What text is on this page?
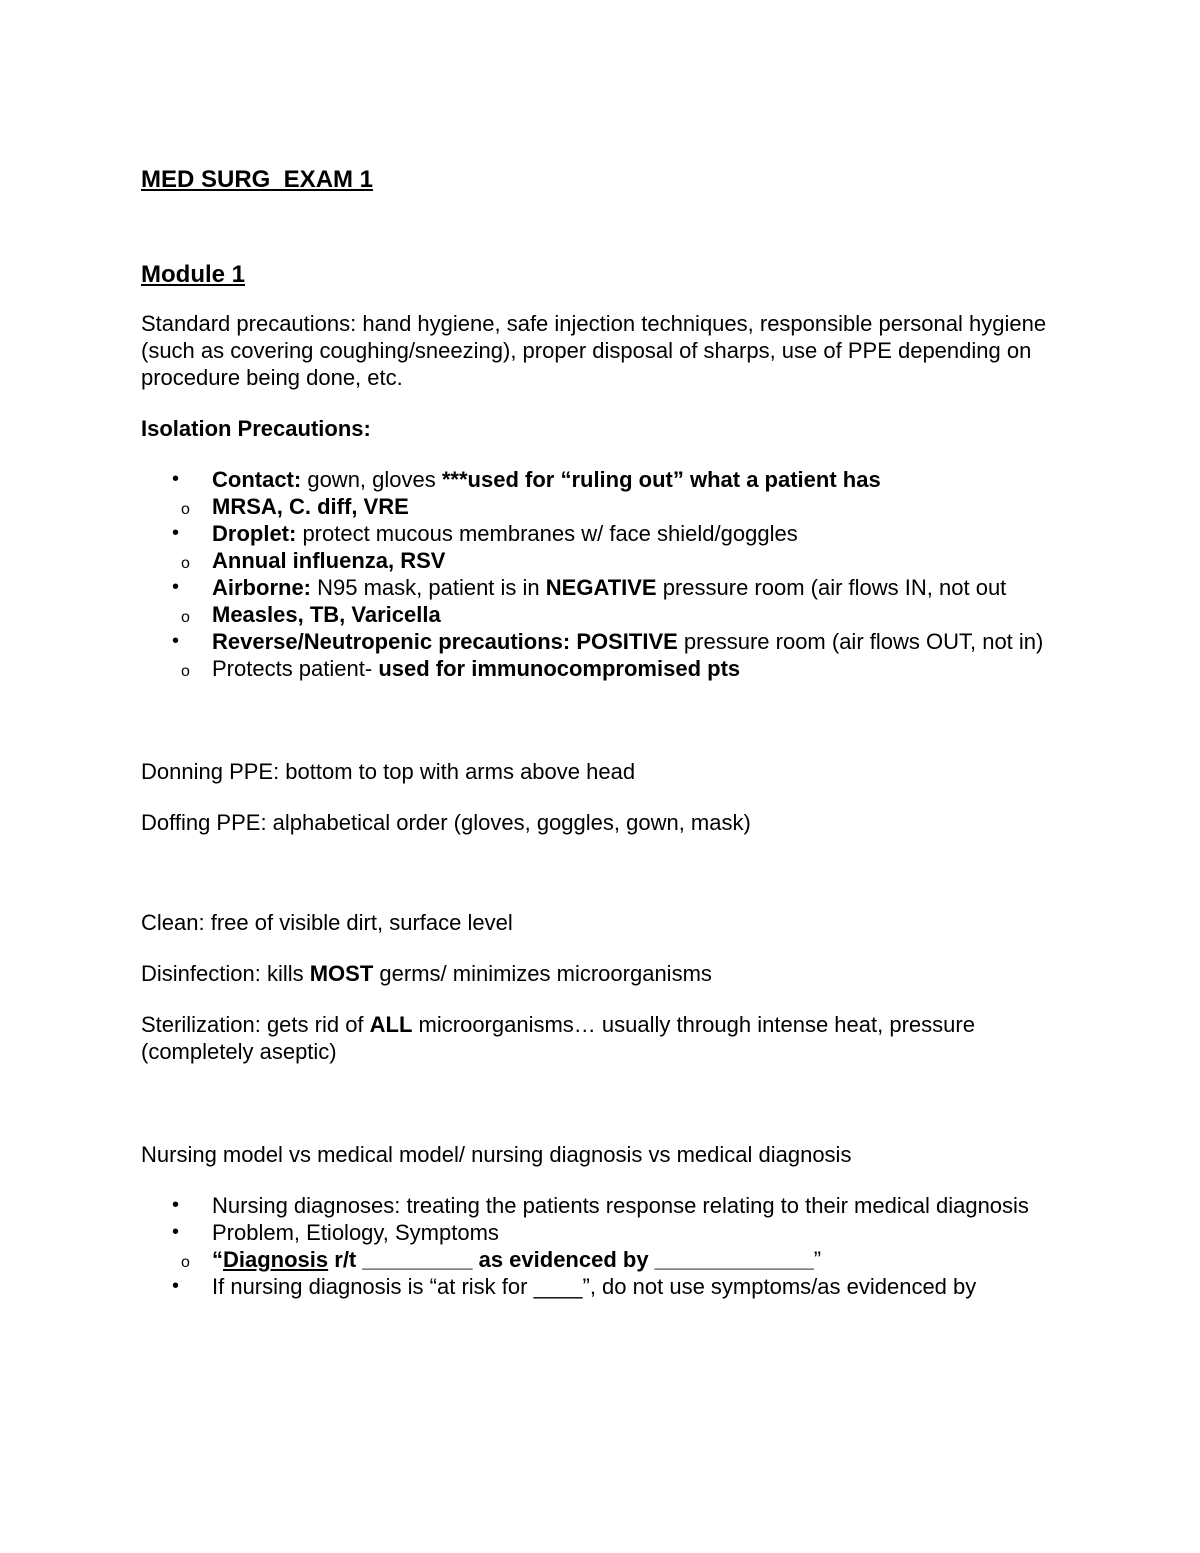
MED SURG  EXAM 1

Module 1

Standard precautions: hand hygiene, safe injection techniques, responsible personal hygiene (such as covering coughing/sneezing), proper disposal of sharps, use of PPE depending on procedure being done, etc.

Isolation Precautions:

• Contact: gown, gloves ***used for “ruling out” what a patient has
o MRSA, C. diff, VRE
• Droplet: protect mucous membranes w/ face shield/goggles
o Annual influenza, RSV
• Airborne: N95 mask, patient is in NEGATIVE pressure room (air flows IN, not out
o Measles, TB, Varicella
• Reverse/Neutropenic precautions: POSITIVE pressure room (air flows OUT, not in)
o Protects patient- used for immunocompromised pts

Donning PPE: bottom to top with arms above head

Doffing PPE: alphabetical order (gloves, goggles, gown, mask)

Clean: free of visible dirt, surface level

Disinfection: kills MOST germs/ minimizes microorganisms

Sterilization: gets rid of ALL microorganisms… usually through intense heat, pressure (completely aseptic)

Nursing model vs medical model/ nursing diagnosis vs medical diagnosis

• Nursing diagnoses: treating the patients response relating to their medical diagnosis
• Problem, Etiology, Symptoms
o “Diagnosis r/t _________ as evidenced by _____________”
• If nursing diagnosis is “at risk for ____”, do not use symptoms/as evidenced by
